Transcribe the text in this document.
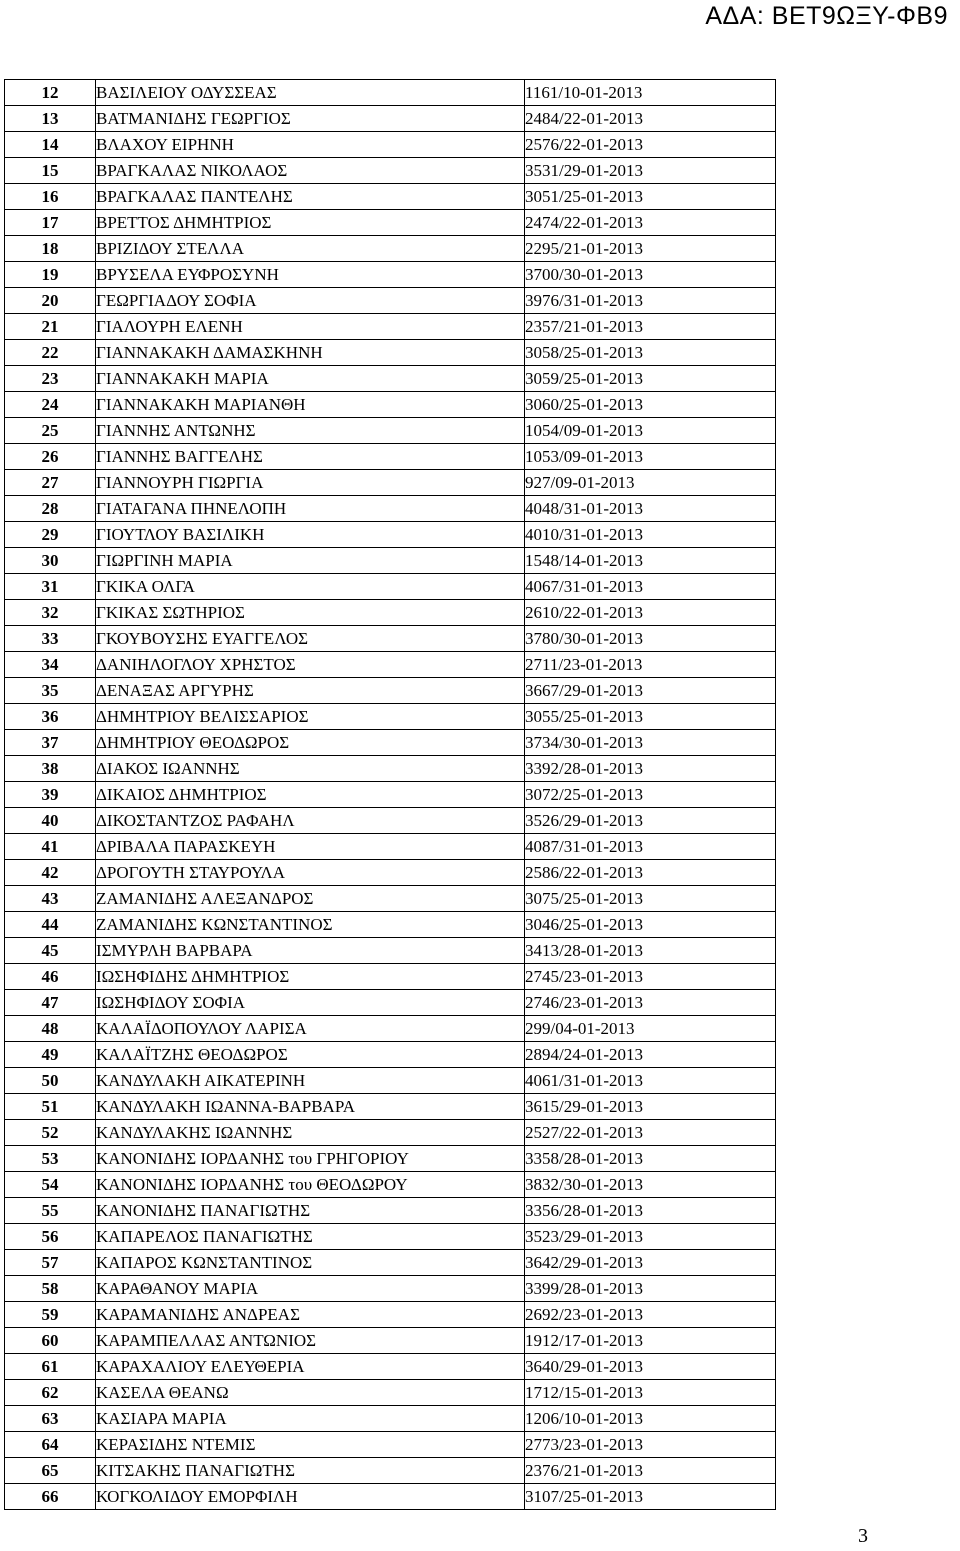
ΑΔΑ: ΒΕΤ9ΩΞΥ-ΦΒ9
12	ΒΑΣΙΛΕΙΟΥ ΟΔΥΣΣΕΑΣ	1161/10-01-2013	
13	ΒΑΤΜΑΝΙΔΗΣ ΓΕΩΡΓΙΟΣ	2484/22-01-2013	
14	ΒΛΑΧΟΥ ΕΙΡΗΝΗ	2576/22-01-2013	
15	ΒΡΑΓΚΑΛΑΣ ΝΙΚΟΛΑΟΣ	3531/29-01-2013	
16	ΒΡΑΓΚΑΛΑΣ ΠΑΝΤΕΛΗΣ	3051/25-01-2013	
17	ΒΡΕΤΤΟΣ ΔΗΜΗΤΡΙΟΣ	2474/22-01-2013	
18	ΒΡΙΖΙΔΟΥ ΣΤΕΛΛΑ	2295/21-01-2013	
19	ΒΡΥΣΕΛΑ ΕΥΦΡΟΣΥΝΗ	3700/30-01-2013	
20	ΓΕΩΡΓΙΑΔΟΥ ΣΟΦΙΑ	3976/31-01-2013	
21	ΓΙΑΛΟΥΡΗ ΕΛΕΝΗ	2357/21-01-2013	
22	ΓΙΑΝΝΑΚΑΚΗ ΔΑΜΑΣΚΗΝΗ	3058/25-01-2013	
23	ΓΙΑΝΝΑΚΑΚΗ ΜΑΡΙΑ	3059/25-01-2013	
24	ΓΙΑΝΝΑΚΑΚΗ ΜΑΡΙΑΝΘΗ	3060/25-01-2013	
25	ΓΙΑΝΝΗΣ ΑΝΤΩΝΗΣ	1054/09-01-2013	
26	ΓΙΑΝΝΗΣ ΒΑΓΓΕΛΗΣ	1053/09-01-2013	
27	ΓΙΑΝΝΟΥΡΗ ΓΙΩΡΓΙΑ	927/09-01-2013	
28	ΓΙΑΤΑΓΑΝΑ ΠΗΝΕΛΟΠΗ	4048/31-01-2013	
29	ΓΙΟΥΤΛΟΥ ΒΑΣΙΛΙΚΗ	4010/31-01-2013	
30	ΓΙΩΡΓΙΝΗ ΜΑΡΙΑ	1548/14-01-2013	
31	ΓΚΙΚΑ ΟΛΓΑ	4067/31-01-2013	
32	ΓΚΙΚΑΣ ΣΩΤΗΡΙΟΣ	2610/22-01-2013	
33	ΓΚΟΥΒΟΥΣΗΣ ΕΥΑΓΓΕΛΟΣ	3780/30-01-2013	
34	ΔΑΝΙΗΛΟΓΛΟΥ ΧΡΗΣΤΟΣ	2711/23-01-2013	
35	ΔΕΝΑΞΑΣ ΑΡΓΥΡΗΣ	3667/29-01-2013	
36	ΔΗΜΗΤΡΙΟΥ ΒΕΛΙΣΣΑΡΙΟΣ	3055/25-01-2013	
37	ΔΗΜΗΤΡΙΟΥ ΘΕΟΔΩΡΟΣ	3734/30-01-2013	
38	ΔΙΑΚΟΣ ΙΩΑΝΝΗΣ	3392/28-01-2013	
39	ΔΙΚΑΙΟΣ ΔΗΜΗΤΡΙΟΣ	3072/25-01-2013	
40	ΔΙΚΟΣΤΑΝΤΖΟΣ ΡΑΦΑΗΛ	3526/29-01-2013	
41	ΔΡΙΒΑΛΑ ΠΑΡΑΣΚΕΥΗ	4087/31-01-2013	
42	ΔΡΟΓΟΥΤΗ ΣΤΑΥΡΟΥΛΑ	2586/22-01-2013	
43	ΖΑΜΑΝΙΔΗΣ ΑΛΕΞΑΝΔΡΟΣ	3075/25-01-2013	
44	ΖΑΜΑΝΙΔΗΣ ΚΩΝΣΤΑΝΤΙΝΟΣ	3046/25-01-2013	
45	ΙΣΜΥΡΛΗ ΒΑΡΒΑΡΑ	3413/28-01-2013	
46	ΙΩΣΗΦΙΔΗΣ ΔΗΜΗΤΡΙΟΣ	2745/23-01-2013	
47	ΙΩΣΗΦΙΔΟΥ ΣΟΦΙΑ	2746/23-01-2013	
48	ΚΑΛΑΪΔΟΠΟΥΛΟΥ ΛΑΡΙΣΑ	299/04-01-2013	
49	ΚΑΛΑΪΤΖΗΣ ΘΕΟΔΩΡΟΣ	2894/24-01-2013	
50	ΚΑΝΔΥΛΑΚΗ ΑΙΚΑΤΕΡΙΝΗ	4061/31-01-2013	
51	ΚΑΝΔΥΛΑΚΗ ΙΩΑΝΝΑ-ΒΑΡΒΑΡΑ	3615/29-01-2013	
52	ΚΑΝΔΥΛΑΚΗΣ ΙΩΑΝΝΗΣ	2527/22-01-2013	
53	ΚΑΝΟΝΙΔΗΣ ΙΟΡΔΑΝΗΣ του ΓΡΗΓΟΡΙΟΥ	3358/28-01-2013	
54	ΚΑΝΟΝΙΔΗΣ ΙΟΡΔΑΝΗΣ του ΘΕΟΔΩΡΟΥ	3832/30-01-2013	
55	ΚΑΝΟΝΙΔΗΣ ΠΑΝΑΓΙΩΤΗΣ	3356/28-01-2013	
56	ΚΑΠΑΡΕΛΟΣ ΠΑΝΑΓΙΩΤΗΣ	3523/29-01-2013	
57	ΚΑΠΑΡΟΣ ΚΩΝΣΤΑΝΤΙΝΟΣ	3642/29-01-2013	
58	ΚΑΡΑΘΑΝΟΥ ΜΑΡΙΑ	3399/28-01-2013	
59	ΚΑΡΑΜΑΝΙΔΗΣ ΑΝΔΡΕΑΣ	2692/23-01-2013	
60	ΚΑΡΑΜΠΕΛΛΑΣ ΑΝΤΩΝΙΟΣ	1912/17-01-2013	
61	ΚΑΡΑΧΑΛΙΟΥ ΕΛΕΥΘΕΡΙΑ	3640/29-01-2013	
62	ΚΑΣΕΛΑ ΘΕΑΝΩ	1712/15-01-2013	
63	ΚΑΣΙΑΡΑ ΜΑΡΙΑ	1206/10-01-2013	
64	ΚΕΡΑΣΙΔΗΣ ΝΤΕΜΙΣ	2773/23-01-2013	
65	ΚΙΤΣΑΚΗΣ ΠΑΝΑΓΙΩΤΗΣ	2376/21-01-2013	
66	ΚΟΓΚΟΛΙΔΟΥ ΕΜΟΡΦΙΛΗ	3107/25-01-2013	
3
